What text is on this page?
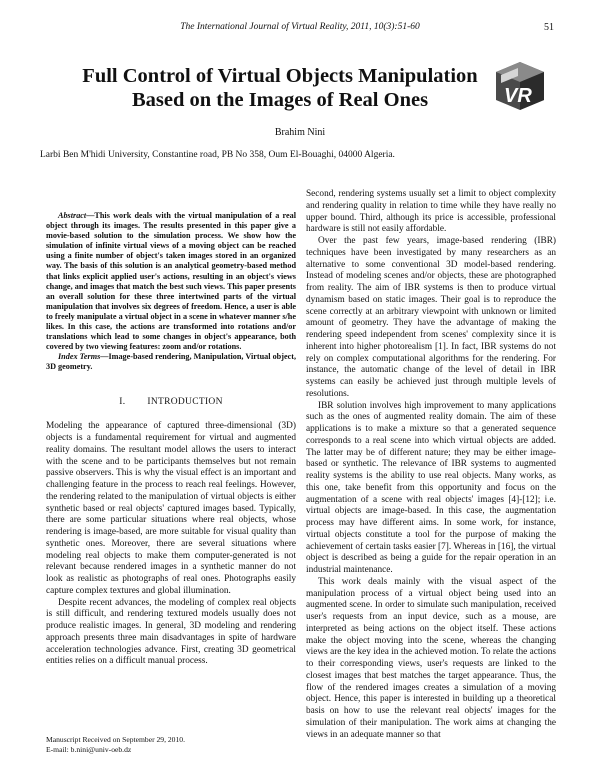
The International Journal of Virtual Reality, 2011, 10(3):51-60	51
Full Control of Virtual Objects Manipulation
Based on the Images of Real Ones	VR
Brahim Nini
Larbi Ben M'hidi University, Constantine road, PB No 358, Oum El-Bouaghi, 04000 Algeria.

Abstract—This work deals with the virtual manipulation of a real object through its images. The results presented in this paper give a movie-based solution to the simulation process. We show how the simulation of infinite virtual views of a moving object can be reached using a finite number of object's taken images stored in an organized way. The basis of this solution is an analytical geometry-based method that links explicit applied user's actions, resulting in an object's views change, and images that match the best such views. This paper presents an overall solution for these three intertwined parts of the virtual manipulation that involves six degrees of freedom. Hence, a user is able to freely manipulate a virtual object in a scene in whatever manner s/he likes. In this case, the actions are transformed into rotations and/or translations which lead to some changes in object's appearance, both covered by two viewing features: zoom and/or rotations.

Index Terms—Image-based rendering, Manipulation, Virtual object, 3D geometry.

I. INTRODUCTION

Modeling the appearance of captured three-dimensional (3D) objects is a fundamental requirement for virtual and augmented reality domains. The resultant model allows the users to interact with the scene and to be participants themselves but not remain passive observers. This is why the visual effect is an important and challenging feature in the process to reach real feelings. However, the rendering related to the manipulation of virtual objects is either synthetic based or real objects' captured images based. Typically, there are some particular situations where real objects, whose rendering is image-based, are more suitable for visual quality than synthetic ones. Moreover, there are several situations where modeling real objects to make them computer-generated is not relevant because rendered images in a synthetic manner do not look as realistic as photographs of real ones. Photographs easily capture complex textures and global illumination.

Despite recent advances, the modeling of complex real objects is still difficult, and rendering textured models usually does not produce realistic images. In general, 3D modeling and rendering approach presents three main disadvantages in spite of hardware acceleration technologies advance. First, creating 3D geometrical entities relies on a difficult manual process.

Second, rendering systems usually set a limit to object complexity and rendering quality in relation to time while they have really no upper bound. Third, although its price is accessible, professional hardware is still not easily affordable.

Over the past few years, image-based rendering (IBR) techniques have been investigated by many researchers as an alternative to some conventional 3D model-based rendering. Instead of modeling scenes and/or objects, these are photographed from reality. The aim of IBR systems is then to produce virtual dynamism based on static images. Their goal is to reproduce the scene correctly at an arbitrary viewpoint with unknown or limited amount of geometry. They have the advantage of making the rendering speed independent from scenes' complexity since it is inherent into higher photorealism [1]. In fact, IBR systems do not rely on complex computational algorithms for the rendering. For instance, the automatic change of the level of detail in IBR systems can easily be achieved just through multiple levels of resolutions.

IBR solution involves high improvement to many applications such as the ones of augmented reality domain. The aim of these applications is to make a mixture so that a generated sequence corresponds to a real scene into which virtual objects are added. The latter may be of different nature; they may be either image-based or synthetic. The relevance of IBR systems to augmented reality systems is the ability to use real objects. Many works, as this one, take benefit from this opportunity and focus on the augmentation of a scene with real objects' images [4]-[12]; i.e. virtual objects are image-based. In this case, the augmentation process may have different aims. In some work, for instance, virtual objects constitute a tool for the purpose of making the achievement of certain tasks easier [7]. Whereas in [16], the virtual object is described as being a guide for the repair operation in an industrial maintenance.

This work deals mainly with the visual aspect of the manipulation process of a virtual object being used into an augmented scene. In order to simulate such manipulation, received user's requests from an input device, such as a mouse, are interpreted as being actions on the object itself. These actions make the object moving into the scene, whereas the changing views are the key idea in the achieved motion. To relate the actions to their corresponding views, user's requests are linked to the closest images that best matches the target appearance. Thus, the flow of the rendered images creates a simulation of a moving object. Hence, this paper is interested in building up a theoretical basis on how to use the relevant real objects' images for the simulation of their manipulation. The work aims at changing the views in an adequate manner so that

Manuscript Received on September 29, 2010.
E-mail: b.nini@univ-oeb.dz
